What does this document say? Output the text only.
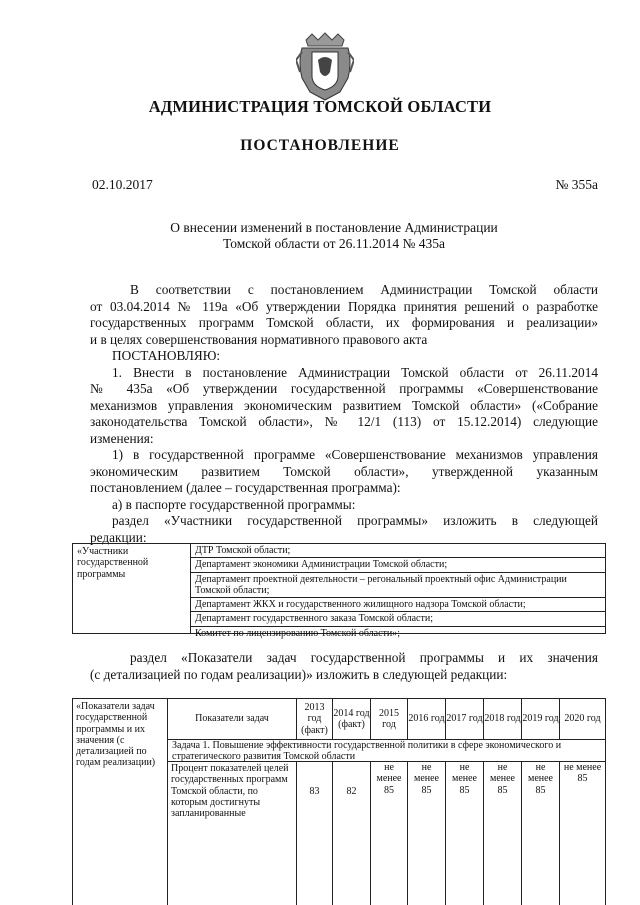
АДМИНИСТРАЦИЯ ТОМСКОЙ ОБЛАСТИ
ПОСТАНОВЛЕНИЕ
02.10.2017	№ 355а
О внесении изменений в постановление Администрации
Томской области от 26.11.2014 № 435а
В соответствии с постановлением Администрации Томской области
от 03.04.2014 № 119а «Об утверждении Порядка принятия решений о разработке
государственных программ Томской области, их формирования и реализации»
и в целях совершенствования нормативного правового акта
ПОСТАНОВЛЯЮ:
1. Внести в постановление Администрации Томской области от 26.11.2014
№ 435а «Об утверждении государственной программы «Совершенствование
механизмов управления экономическим развитием Томской области» («Собрание
законодательства Томской области», № 12/1 (113) от 15.12.2014) следующие
изменения:
1) в государственной программе «Совершенствование механизмов управления
экономическим развитием Томской области», утвержденной указанным
постановлением (далее – государственная программа):
а) в паспорте государственной программы:
раздел «Участники государственной программы» изложить в следующей
редакции:
«Участники государственной программы
ДТР Томской области;
Департамент экономики Администрации Томской области;
Департамент проектной деятельности – регональный проектный офис Администрации Томской области;
Департамент ЖКХ и государственного жилищного надзора Томской области;
Департамент государственного заказа Томской области;
Комитет по лицензированию Томской области»;
раздел «Показатели задач государственной программы и их значения
(с детализацией по годам реализации)» изложить в следующей редакции:
«Показатели задач государственной программы и их значения (с детализацией по годам реализации)
Показатели задач
2013 год (факт)
2014 год (факт)
2015 год
2016 год 2017 год 2018 год 2019 год 2020 год
Задача 1. Повышение эффективности государственной политики в сфере экономического и стратегического развития Томской области
Процент показателей целей государственных программ Томской области, по которым достигнуты запланированные
83	82
не менее 85
не менее 85
не менее 85
не менее 85
не менее 85
не менее 85
